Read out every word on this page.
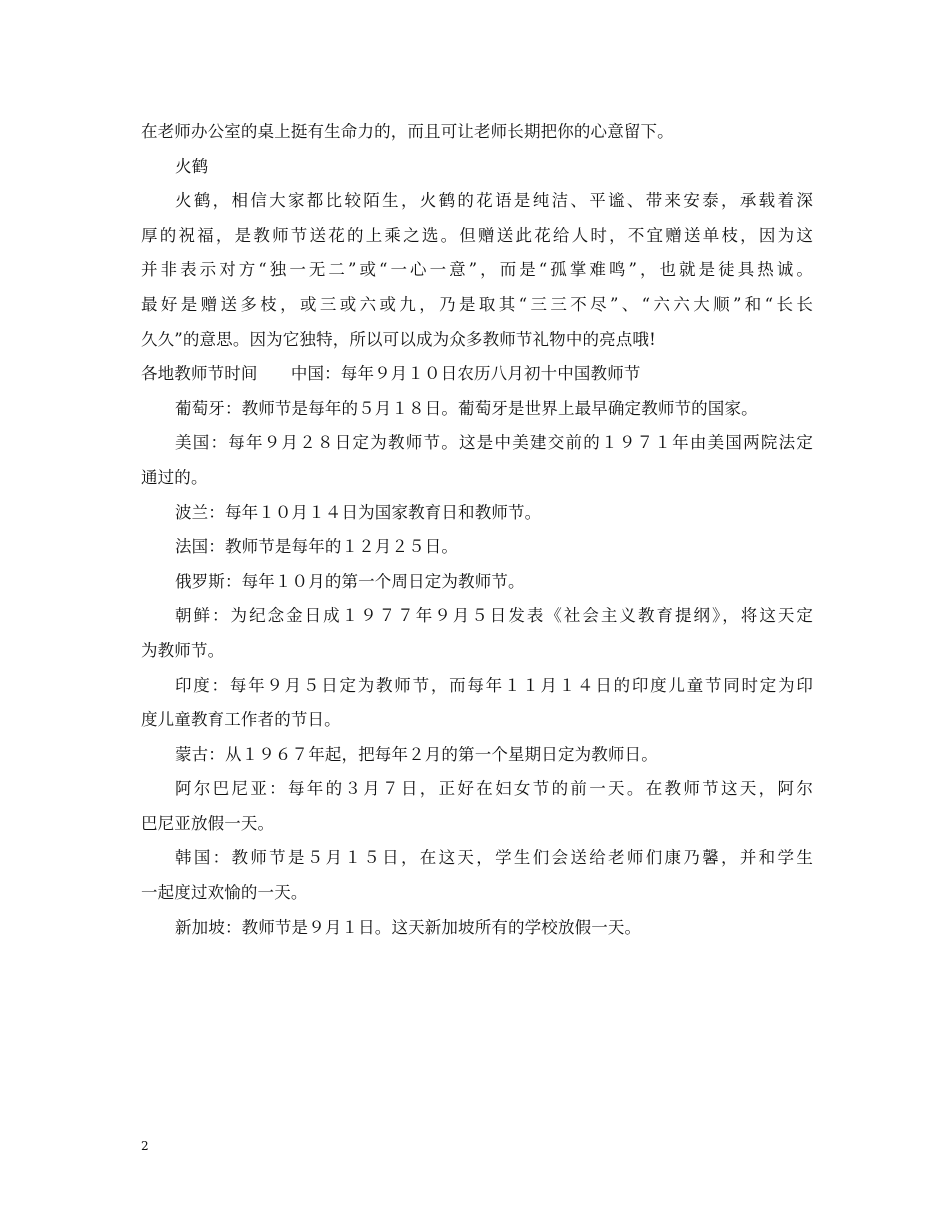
在老师办公室的桌上挺有生命力的，而且可让老师长期把你的心意留下。
火鹤
火鹤，相信大家都比较陌生，火鹤的花语是纯洁、平谧、带来安泰，承载着深
厚的祝福，是教师节送花的上乘之选。但赠送此花给人时，不宜赠送单枝，因为这
并非表示对方“独一无二”或“一心一意”，而是“孤掌难鸣”，也就是徒具热诚。
最好是赠送多枝，或三或六或九，乃是取其“三三不尽”、“六六大顺”和“长长
久久”的意思。因为它独特，所以可以成为众多教师节礼物中的亮点哦!
各地教师节时间　　中国：每年９月１０日农历八月初十中国教师节
葡萄牙：教师节是每年的５月１８日。葡萄牙是世界上最早确定教师节的国家。
美国：每年９月２８日定为教师节。这是中美建交前的１９７１年由美国两院法定
通过的。
波兰：每年１０月１４日为国家教育日和教师节。
法国：教师节是每年的１２月２５日。
俄罗斯：每年１０月的第一个周日定为教师节。
朝鲜：为纪念金日成１９７７年９月５日发表《社会主义教育提纲》，将这天定
为教师节。
印度：每年９月５日定为教师节，而每年１１月１４日的印度儿童节同时定为印
度儿童教育工作者的节日。
蒙古：从１９６７年起，把每年２月的第一个星期日定为教师日。
阿尔巴尼亚：每年的３月７日，正好在妇女节的前一天。在教师节这天，阿尔
巴尼亚放假一天。
韩国：教师节是５月１５日，在这天，学生们会送给老师们康乃馨，并和学生
一起度过欢愉的一天。
新加坡：教师节是９月１日。这天新加坡所有的学校放假一天。
2
